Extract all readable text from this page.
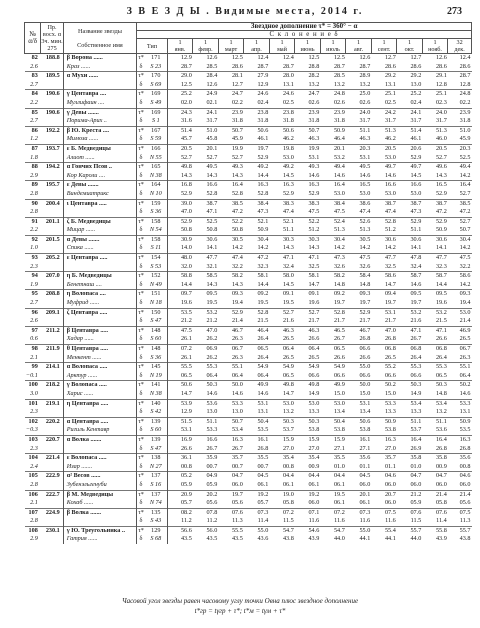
З В Е З Д Ы . Видимые места, 2014 г.	273
№
α/δ	Пр. восх. α
3ч. мин. 275	Название звезды

Собственное имя	Звездное дополнение τ* = 360° − α													
			С к л о н е н и е δ													
			Тип		1
янв.	1
февр.	1
март	1
апр.	1
май	1
июнь	1
июль	1
авг.	1
сент.	1
окт.	1
нояб.	32
дек.
82	188.8	β Ворона ......	τ*	171	12.9	12.6	12.5	12.4	12.4	12.5	12.5	12.6	12.7	12.7	12.6	12.4
2.6		Краз ......	δ	S 23	28.7	28.5	28.6	28.7	28.7	28.8	28.7	28.7	28.6	28.6	28.6	28.6
83	189.5	α Мухи ......	τ*	170	29.0	28.4	28.1	27.9	28.0	28.2	28.5	28.9	29.2	29.2	29.1	28.7
2.7			δ	S 69	12.5	12.6	12.7	12.9	13.1	13.2	13.2	13.2	13.1	13.0	12.8	12.8
84	190.6	γ Центавра ....	τ*	169	25.2	24.9	24.7	24.6	24.6	24.7	24.8	25.0	25.1	25.2	25.1	24.8
2.2		Муллифаин ....	δ	S 49	02.0	02.1	02.2	02.4	02.5	02.6	02.6	02.6	02.5	02.4	02.3	02.2
85	190.6	γ Девы .......	τ*	169	24.3	24.1	23.9	23.8	23.8	23.9	23.9	24.0	24.2	24.1	24.0	23.9
2.7		Порима-Арих ..	δ	S 1	31.6	31.7	31.8	31.8	31.8	31.8	31.8	31.7	31.7	31.7	31.7	31.8
86	192.2	β Ю. Креста ....	τ*	167	51.4	51.0	50.7	50.6	50.6	50.7	50.9	51.1	51.3	51.4	51.3	51.0
1.2		Мимоза ......	δ	S 59	45.7	45.8	45.9	46.1	46.2	46.3	46.4	46.3	46.2	46.1	46.0	45.9
87	193.7	ε Б. Медведицы	τ*	166	20.5	20.1	19.9	19.7	19.8	19.9	20.1	20.3	20.5	20.6	20.5	20.3
1.8		Алиот ......	δ	N 55	52.7	52.7	52.7	52.9	53.0	53.1	53.2	53.1	53.0	52.9	52.7	52.5
88	194.2	α Гончих Псов ..	τ*	165	49.8	49.5	49.3	49.2	49.2	49.3	49.4	49.5	49.7	49.7	49.6	49.4
2.9		Кор Кароли ....	δ	N 38	14.3	14.3	14.3	14.4	14.5	14.6	14.6	14.6	14.6	14.5	14.3	14.2
89	195.7	ε Девы .......	τ*	164	16.8	16.6	16.4	16.3	16.3	16.3	16.4	16.5	16.6	16.6	16.5	16.4
2.8		Виндемиатрикс	δ	N 10	52.9	52.8	52.8	52.8	52.9	52.9	53.0	53.0	53.0	53.0	52.9	52.7
90	200.4	ι Центавра .....	τ*	159	39.0	38.7	38.5	38.4	38.3	38.3	38.4	38.6	38.7	38.7	38.7	38.5
2.8			δ	S 36	47.0	47.1	47.2	47.3	47.4	47.5	47.5	47.4	47.4	47.3	47.2	47.2
91	201.1	ζ Б. Медведицы	τ*	158	52.9	52.5	52.2	52.1	52.1	52.2	52.4	52.6	52.8	52.9	52.9	52.7
2.2		Мицар ......	δ	N 54	50.8	50.8	50.8	50.9	51.1	51.2	51.3	51.3	51.2	51.1	50.9	50.7
92	201.5	α Девы .......	τ*	158	30.9	30.6	30.5	30.4	30.3	30.3	30.4	30.5	30.6	30.6	30.6	30.4
1.0		Спика ......	δ	S 11	14.0	14.1	14.2	14.2	14.3	14.3	14.2	14.2	14.2	14.1	14.1	14.2
93	205.2	ε Центавра .....	τ*	154	48.0	47.7	47.4	47.2	47.1	47.1	47.3	47.5	47.7	47.8	47.7	47.5
2.3			δ	S 53	32.0	32.1	32.2	32.3	32.4	32.5	32.6	32.6	32.5	32.4	32.3	32.2
94	207.0	η Б. Медведицы	τ*	152	58.8	58.5	58.2	58.1	58.0	58.1	58.2	58.4	58.6	58.7	58.7	58.6
1.9		Бенетнаш ....	δ	N 49	14.4	14.3	14.3	14.4	14.5	14.7	14.8	14.8	14.7	14.6	14.4	14.2
95	208.8	η Волопаса ....	τ*	151	09.7	09.5	09.3	09.2	09.1	09.1	09.2	09.3	09.4	09.5	09.5	09.3
2.7		Муфрид ......	δ	N 18	19.6	19.5	19.4	19.5	19.5	19.6	19.7	19.7	19.7	19.7	19.6	19.4
96	209.1	ζ Центавра .....	τ*	150	53.5	53.2	52.9	52.8	52.7	52.7	52.8	52.9	53.1	53.2	53.2	53.0
2.6			δ	S 47	21.2	21.2	21.4	21.5	21.6	21.7	21.7	21.7	21.7	21.6	21.5	21.4
97	211.2	β Центавра .....	τ*	148	47.5	47.0	46.7	46.4	46.3	46.3	46.5	46.7	47.0	47.1	47.1	46.9
0.6		Хадар ......	δ	S 60	26.1	26.2	26.3	26.4	26.5	26.6	26.7	26.8	26.8	26.7	26.6	26.5
98	211.9	θ Центавра .....	τ*	148	07.2	06.9	06.7	06.5	06.4	06.4	06.5	06.6	06.8	06.8	06.8	06.7
2.1		Менкент ......	δ	S 36	26.1	26.2	26.3	26.4	26.5	26.5	26.6	26.6	26.5	26.4	26.4	26.3
99	214.1	α Волопаса .....	τ*	145	55.5	55.3	55.1	54.9	54.9	54.9	54.9	55.0	55.2	55.3	55.3	55.1
−0.1		Арктур ......	δ	N 19	06.5	06.4	06.4	06.4	06.5	06.6	06.6	06.6	06.6	06.6	06.5	06.4
100	218.2	γ Волопаса .....	τ*	141	50.6	50.3	50.0	49.9	49.8	49.8	49.9	50.0	50.2	50.3	50.3	50.2
3.0		Харис ......	δ	N 38	14.7	14.6	14.6	14.6	14.7	14.9	15.0	15.0	15.0	14.9	14.8	14.6
101	219.1	η Центавра .....	τ*	140	53.9	53.6	53.3	53.1	53.0	53.0	53.0	53.1	53.3	53.4	53.4	53.3
2.3			δ	S 42	12.9	13.0	13.0	13.1	13.2	13.3	13.4	13.4	13.3	13.3	13.2	13.1
102	220.2	α Центавра .....	τ*	139	51.5	51.1	50.7	50.4	50.3	50.3	50.4	50.6	50.9	51.1	51.1	50.9
−0.3		Ригиль Кентавр	δ	S 60	53.1	53.3	53.4	53.5	53.7	53.8	53.8	53.8	53.8	53.7	53.6	53.5
103	220.7	α Волка .......	τ*	139	16.9	16.6	16.3	16.1	15.9	15.9	15.9	16.1	16.3	16.4	16.4	16.3
2.3			δ	S 47	26.6	26.7	26.7	26.8	27.0	27.0	27.1	27.1	27.0	26.9	26.8	26.8
104	221.4	ε Волопаса .....	τ*	138	36.1	35.9	35.7	35.5	35.4	35.4	35.5	35.6	35.7	35.8	35.8	35.6
2.4		Изар .......	δ	N 27	00.8	00.7	00.7	00.7	00.8	00.9	01.0	01.1	01.1	01.0	00.9	00.8
105	222.9	α² Весов ......	τ*	137	05.2	04.9	04.7	04.5	04.4	04.4	04.4	04.5	04.6	04.7	04.7	04.6
2.8		Зубенэльгенуби	δ	S 16	05.9	05.9	06.0	06.1	06.1	06.1	06.1	06.0	06.0	06.0	06.0	06.0
106	222.7	β М. Медведицы	τ*	137	20.9	20.2	19.7	19.2	19.0	19.2	19.5	20.1	20.7	21.2	21.4	21.4
2.1		Кохаб ......	δ	N 74	05.7	05.6	05.6	05.7	05.8	06.0	06.1	06.1	06.0	05.9	05.8	05.6
107	224.9	β Волка .......	τ*	135	08.2	07.8	07.6	07.3	07.2	07.1	07.2	07.3	07.5	07.6	07.6	07.5
2.8			δ	S 43	11.2	11.2	11.3	11.4	11.5	11.6	11.6	11.6	11.6	11.5	11.4	11.3
108	230.1	γ Ю. Треугольника ..	τ*	129	56.6	56.0	55.5	55.0	54.7	54.6	54.7	55.0	55.4	55.7	55.8	55.7
2.9		Гатрия ......	δ	S 68	43.5	43.5	43.5	43.6	43.8	43.9	44.0	44.1	44.1	44.0	43.9	43.8
Часовой угол звезды равен часовому углу точки Овна плюс звездное дополнение
t*гр = tγгр + τ*; t*м = tγм + τ*
